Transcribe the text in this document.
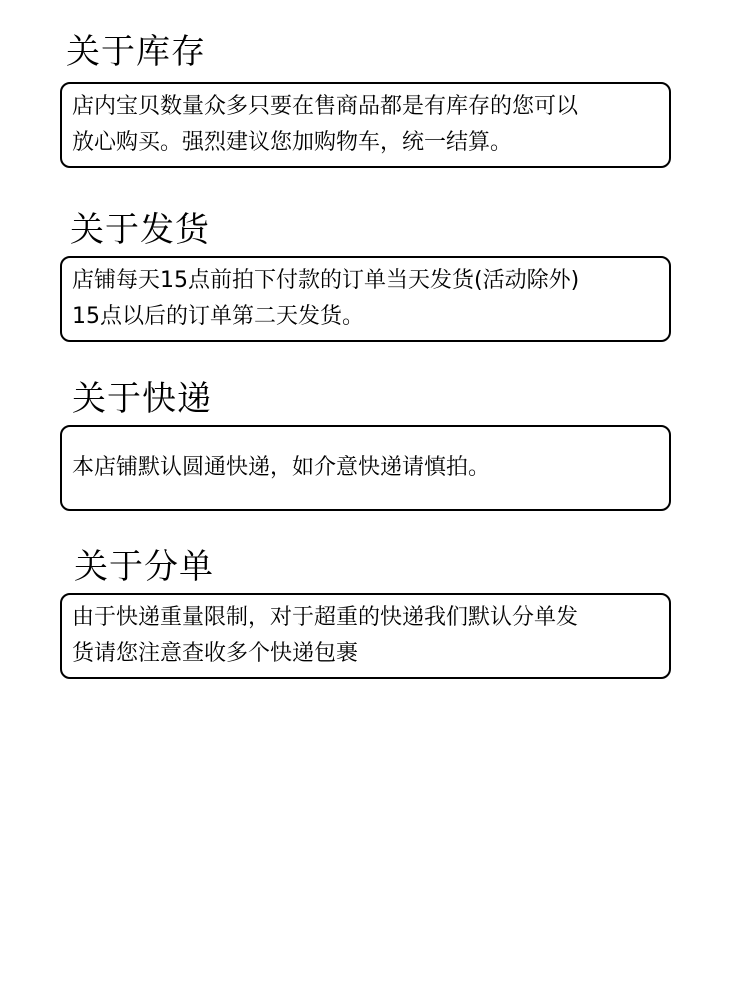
关于库存

店内宝贝数量众多只要在售商品都是有库存的您可以

放心购买。强烈建议您加购物车，统一结算。

关于发货

店铺每天15点前拍下付款的订单当天发货(活动除外)

15点以后的订单第二天发货。

关于快递

本店铺默认圆通快递，如介意快递请慎拍。

关于分单

由于快递重量限制，对于超重的快递我们默认分单发

货请您注意查收多个快递包裹
